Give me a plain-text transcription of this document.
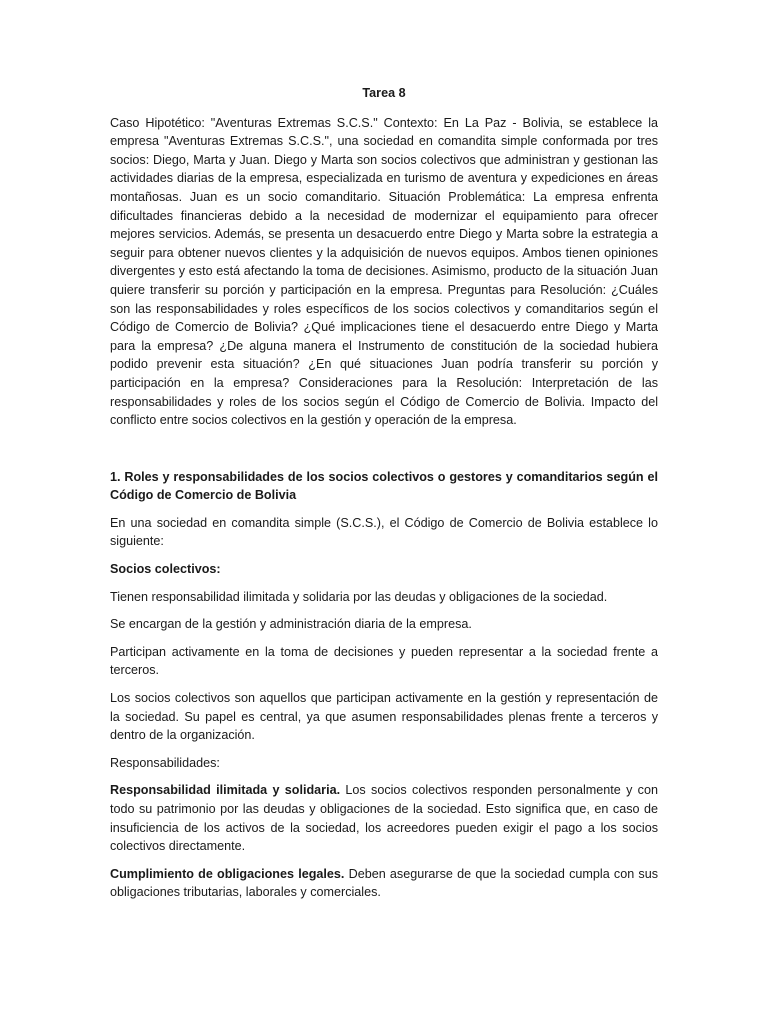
Tarea 8

Caso Hipotético: "Aventuras Extremas S.C.S." Contexto: En La Paz - Bolivia, se establece la empresa "Aventuras Extremas S.C.S.", una sociedad en comandita simple conformada por tres socios: Diego, Marta y Juan. Diego y Marta son socios colectivos que administran y gestionan las actividades diarias de la empresa, especializada en turismo de aventura y expediciones en áreas montañosas. Juan es un socio comanditario. Situación Problemática: La empresa enfrenta dificultades financieras debido a la necesidad de modernizar el equipamiento para ofrecer mejores servicios. Además, se presenta un desacuerdo entre Diego y Marta sobre la estrategia a seguir para obtener nuevos clientes y la adquisición de nuevos equipos. Ambos tienen opiniones divergentes y esto está afectando la toma de decisiones. Asimismo, producto de la situación Juan quiere transferir su porción y participación en la empresa. Preguntas para Resolución: ¿Cuáles son las responsabilidades y roles específicos de los socios colectivos y comanditarios según el Código de Comercio de Bolivia? ¿Qué implicaciones tiene el desacuerdo entre Diego y Marta para la empresa? ¿De alguna manera el Instrumento de constitución de la sociedad hubiera podido prevenir esta situación? ¿En qué situaciones Juan podría transferir su porción y participación en la empresa? Consideraciones para la Resolución: Interpretación de las responsabilidades y roles de los socios según el Código de Comercio de Bolivia. Impacto del conflicto entre socios colectivos en la gestión y operación de la empresa.

1. Roles y responsabilidades de los socios colectivos o gestores y comanditarios según el Código de Comercio de Bolivia

En una sociedad en comandita simple (S.C.S.), el Código de Comercio de Bolivia establece lo siguiente:

Socios colectivos:

Tienen responsabilidad ilimitada y solidaria por las deudas y obligaciones de la sociedad.

Se encargan de la gestión y administración diaria de la empresa.

Participan activamente en la toma de decisiones y pueden representar a la sociedad frente a terceros.

Los socios colectivos son aquellos que participan activamente en la gestión y representación de la sociedad. Su papel es central, ya que asumen responsabilidades plenas frente a terceros y dentro de la organización.

Responsabilidades:

Responsabilidad ilimitada y solidaria. Los socios colectivos responden personalmente y con todo su patrimonio por las deudas y obligaciones de la sociedad. Esto significa que, en caso de insuficiencia de los activos de la sociedad, los acreedores pueden exigir el pago a los socios colectivos directamente.

Cumplimiento de obligaciones legales. Deben asegurarse de que la sociedad cumpla con sus obligaciones tributarias, laborales y comerciales.
